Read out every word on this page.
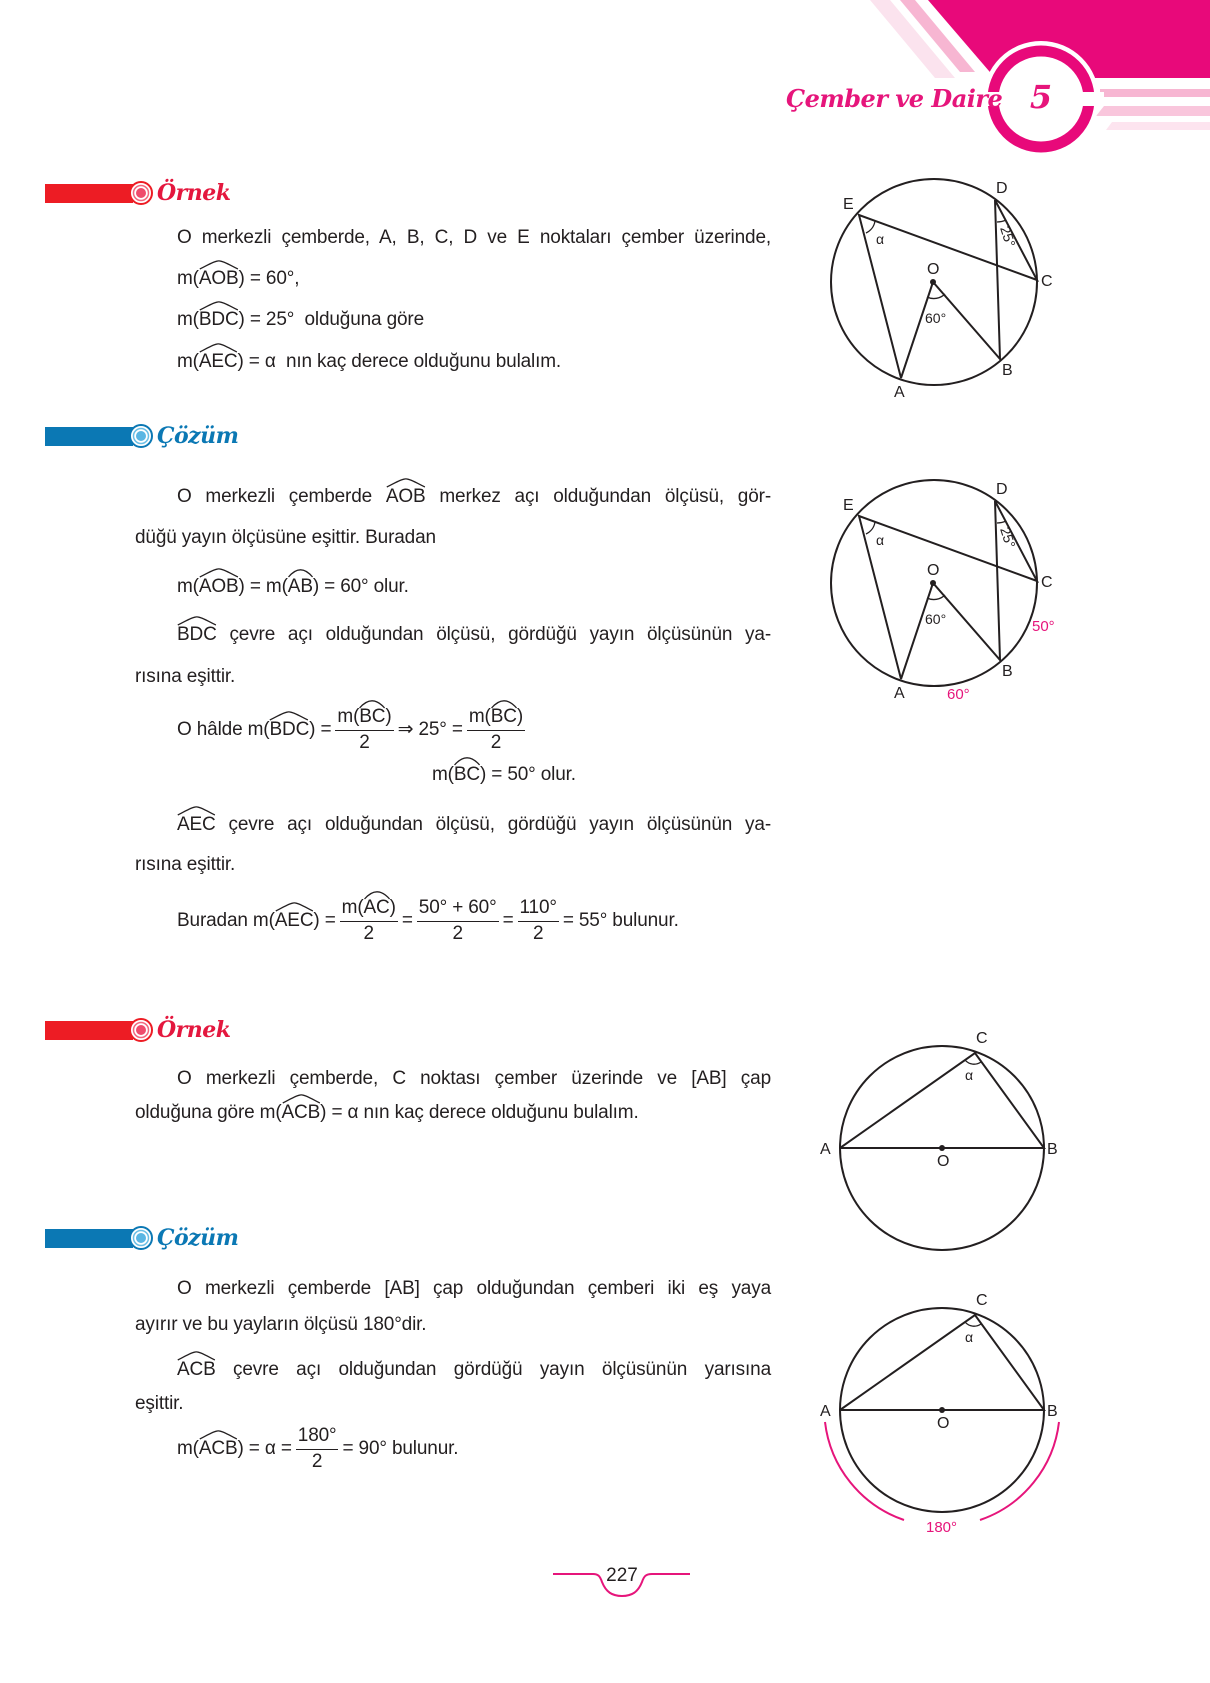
Çember ve Daire 5
Örnek
Çözüm
Örnek
Çözüm
O merkezli çemberde, A, B, C, D ve E noktaları çember üzerinde,
m( AOB ) = 60°,
m( BDC ) = 25°  olduğuna göre
m( AEC ) = α  nın kaç derece olduğunu bulalım.
O merkezli çemberde AOB
merkez açı olduğundan ölçüsü, gör-
düğü yayın ölçüsüne eşittir. Buradan
m( AOB ) = m( AB ) = 60° olur.
BDC
çevre açı olduğundan ölçüsü, gördüğü yayın ölçüsünün ya-
rısına eşittir.
O hâlde m( BDC ) = $\frac{m( BC )}{2}$ ⇒ $25^\circ = \frac{m( BC )}{2}$
m( BC ) = 50° olur.
AEC
çevre açı olduğundan ölçüsü, gördüğü yayın ölçüsünün ya-
rısına eşittir.
Buradan m( AEC ) = $\frac{m( AC )}{2} = \frac{50^\circ + 60^\circ}{2} = \frac{110^\circ}{2} = 55^\circ$ bulunur.
O merkezli çemberde, C noktası çember üzerinde ve [AB] çap
olduğuna göre m( ACB ) = α nın kaç derece olduğunu bulalım.
O merkezli çemberde [AB] çap olduğundan çemberi iki eş yaya
ayırır ve bu yayların ölçüsü 180°dir.
ACB
çevre açı olduğundan gördüğü yayın ölçüsünün yarısına
eşittir.
m( ACB ) = $\alpha = \frac{180^\circ}{2} = 90^\circ$ bulunur.
E
D
C
B
A
O
α	25°
60°
E
D
C
B
A
O
α	25°
60°	50°
60°
C
A	B
O
α
C
A	B
O
α
180°
227
